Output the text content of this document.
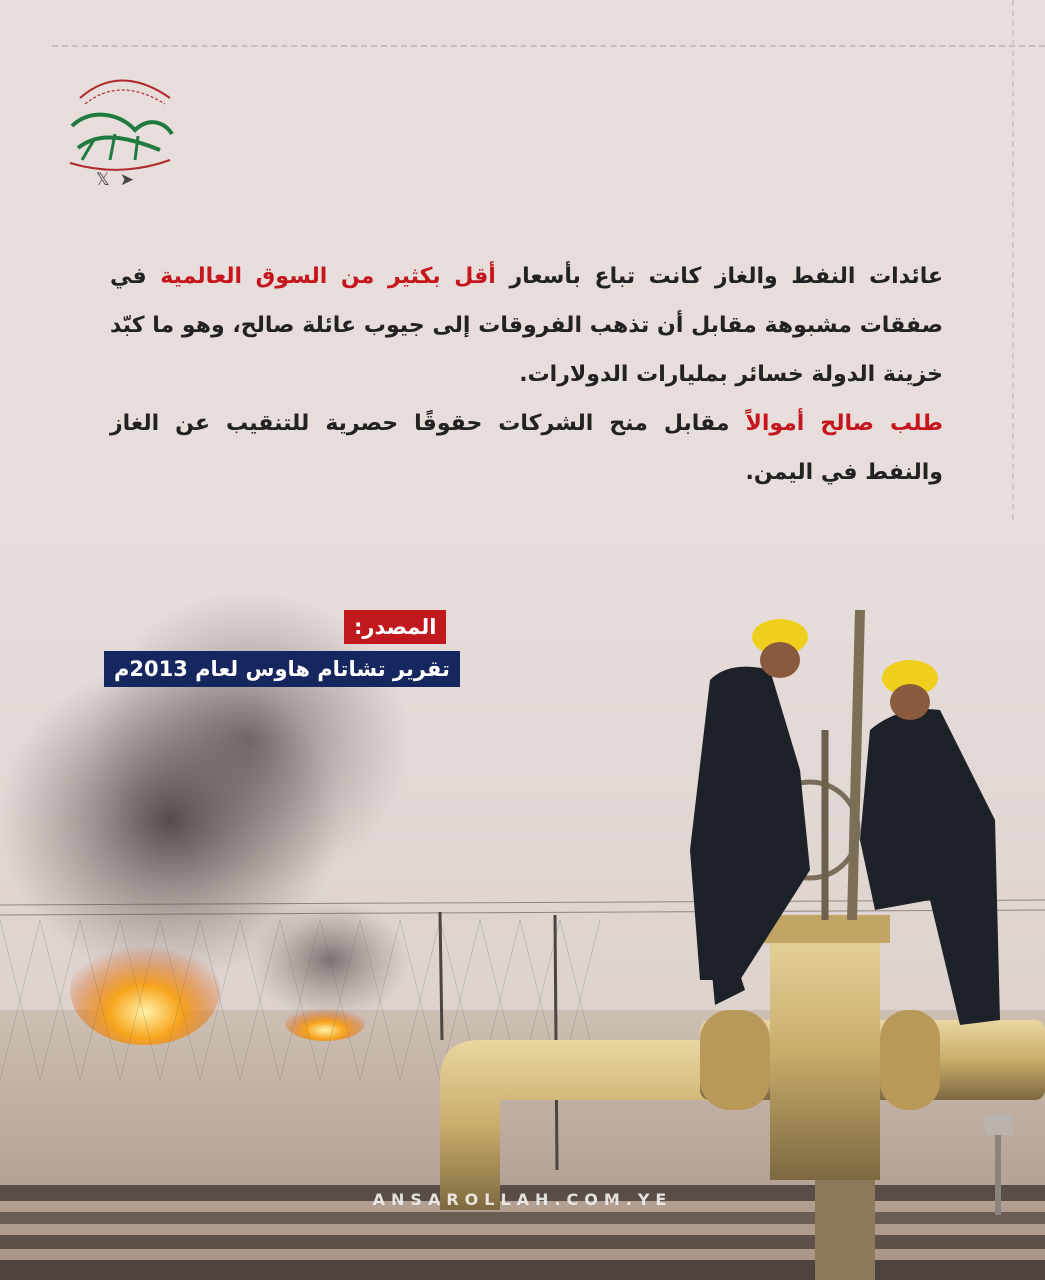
𝕏 ➤

عائدات النفط والغاز كانت تباع بأسعار أقل بكثير من السوق العالمية في صفقات مشبوهة مقابل أن تذهب الفروقات إلى جيوب عائلة صالح، وهو ما كبّد خزينة الدولة خسائر بمليارات الدولارات.

طلب صالح أموالاً مقابل منح الشركات حقوقًا حصرية للتنقيب عن الغاز والنفط في اليمن.

المصدر:
تقرير تشاتام هاوس لعام 2013م
ANSAROLLAH.COM.YE
